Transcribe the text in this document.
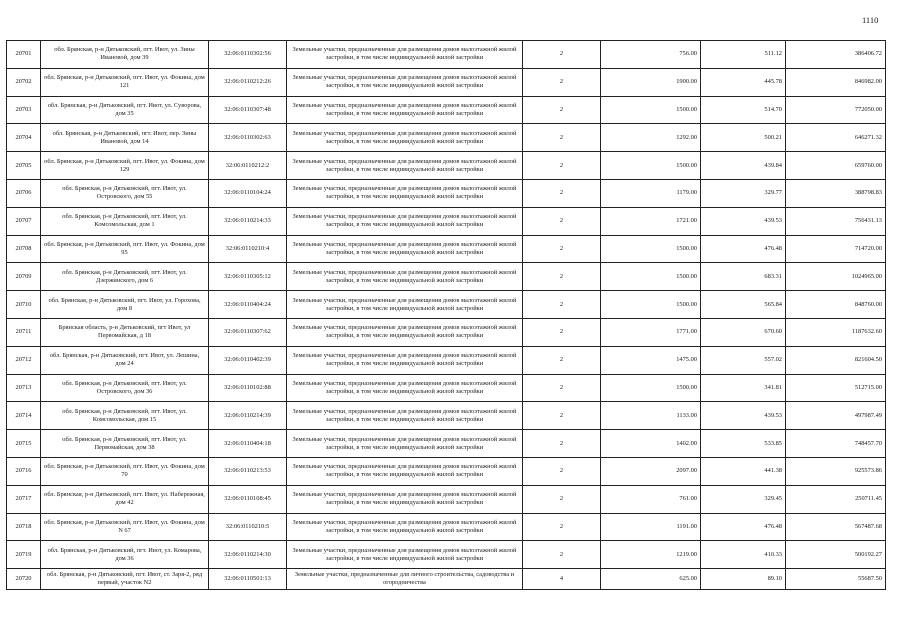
1110
20701	обл. Брянская, р-н Дятьковский, пгт. Ивот, ул. Зины Ивановой, дом 39	32:06:0110302:56	Земельные участки, предназначенные для размещения домов малоэтажной жилой застройки, в том числе индивидуальной жилой застройки	2	756.00	511.12	386406.72
20702	обл. Брянская, р-н Дятьковский, пгт. Ивот, ул. Фокина, дом 121	32:06:0110212:26	Земельные участки, предназначенные для размещения домов малоэтажной жилой застройки, в том числе индивидуальной жилой застройки	2	1900.00	445.78	846982.00
20703	обл. Брянская, р-н Дятьковский, пгт. Ивот, ул. Суворова, дом 35	32:06:0110307:48	Земельные участки, предназначенные для размещения домов малоэтажной жилой застройки, в том числе индивидуальной жилой застройки	2	1500.00	514.70	772050.00
20704	обл. Брянская, р-н Дятьковский, пгт. Ивот, пер. Зины Ивановой, дом 14	32:06:0110302:63	Земельные участки, предназначенные для размещения домов малоэтажной жилой застройки, в том числе индивидуальной жилой застройки	2	1292.00	500.21	646271.32
20705	обл. Брянская, р-н Дятьковский, пгт. Ивот, ул. Фокина, дом 129	32:06:0110212:2	Земельные участки, предназначенные для размещения домов малоэтажной жилой застройки, в том числе индивидуальной жилой застройки	2	1500.00	439.84	659760.00
20706	обл. Брянская, р-н Дятьковский, пгт. Ивот, ул. Островского, дом 55	32:06:0110104:24	Земельные участки, предназначенные для размещения домов малоэтажной жилой застройки, в том числе индивидуальной жилой застройки	2	1179.00	329.77	388798.83
20707	обл. Брянская, р-н Дятьковский, пгт. Ивот, ул. Комсомольская, дом 1	32:06:0110214:33	Земельные участки, предназначенные для размещения домов малоэтажной жилой застройки, в том числе индивидуальной жилой застройки	2	1721.00	439.53	756431.13
20708	обл. Брянская, р-н Дятьковский, пгт. Ивот, ул. Фокина, дом 95	32:06:0110210:4	Земельные участки, предназначенные для размещения домов малоэтажной жилой застройки, в том числе индивидуальной жилой застройки	2	1500.00	476.48	714720.00
20709	обл. Брянская, р-н Дятьковский, пгт. Ивот, ул. Дзержинского, дом 6	32:06:0110305:12	Земельные участки, предназначенные для размещения домов малоэтажной жилой застройки, в том числе индивидуальной жилой застройки	2	1500.00	683.31	1024965.00
20710	обл. Брянская, р-н Дятьковский, пгт. Ивот, ул. Горохова, дом 8	32:06:0110404:24	Земельные участки, предназначенные для размещения домов малоэтажной жилой застройки, в том числе индивидуальной жилой застройки	2	1500.00	565.84	848760.00
20711	Брянская область, р-н Дятьковский, пгт Ивот, ул Первомайская, д 18	32:06:0110307:62	Земельные участки, предназначенные для размещения домов малоэтажной жилой застройки, в том числе индивидуальной жилой застройки	2	1771.00	670.60	1187632.60
20712	обл. Брянская, р-н Дятьковский, пгт. Ивот, ул. Лешина, дом 24	32:06:0110402:39	Земельные участки, предназначенные для размещения домов малоэтажной жилой застройки, в том числе индивидуальной жилой застройки	2	1475.00	557.02	821604.50
20713	обл. Брянская, р-н Дятьковский, пгт. Ивот, ул. Островского, дом 36	32:06:0110102:88	Земельные участки, предназначенные для размещения домов малоэтажной жилой застройки, в том числе индивидуальной жилой застройки	2	1500.00	341.81	512715.00
20714	обл. Брянская, р-н Дятьковский, пгт. Ивот, ул. Комсомольская, дом 15	32:06:0110214:39	Земельные участки, предназначенные для размещения домов малоэтажной жилой застройки, в том числе индивидуальной жилой застройки	2	1133.00	439.53	497987.49
20715	обл. Брянская, р-н Дятьковский, пгт. Ивот, ул. Первомайская, дом 38	32:06:0110404:18	Земельные участки, предназначенные для размещения домов малоэтажной жилой застройки, в том числе индивидуальной жилой застройки	2	1402.00	533.85	748457.70
20716	обл. Брянская, р-н Дятьковский, пгт. Ивот, ул. Фокина, дом 70	32:06:0110213:53	Земельные участки, предназначенные для размещения домов малоэтажной жилой застройки, в том числе индивидуальной жилой застройки	2	2097.00	441.38	925573.86
20717	обл. Брянская, р-н Дятьковский, пгт. Ивот, ул. Набережная, дом 42	32:06:0110108:45	Земельные участки, предназначенные для размещения домов малоэтажной жилой застройки, в том числе индивидуальной жилой застройки	2	761.00	329.45	250711.45
20718	обл. Брянская, р-н Дятьковский, пгт. Ивот, ул. Фокина, дом N 67	32:06:0110210:5	Земельные участки, предназначенные для размещения домов малоэтажной жилой застройки, в том числе индивидуальной жилой застройки	2	1191.00	476.48	567487.68
20719	обл. Брянская, р-н Дятьковский, пгт. Ивот, ул. Комарова, дом 36	32:06:0110214:30	Земельные участки, предназначенные для размещения домов малоэтажной жилой застройки, в том числе индивидуальной жилой застройки	2	1219.00	410.33	500192.27
20720	обл. Брянская, р-н Дятьковский, пгт. Ивот, ст. Заря-2, ряд первый, участок N2	32:06:0110501:13	Земельные участки, предназначенные для личного строительства, садоводства и огородничества	4	625.00	89.10	55687.50
